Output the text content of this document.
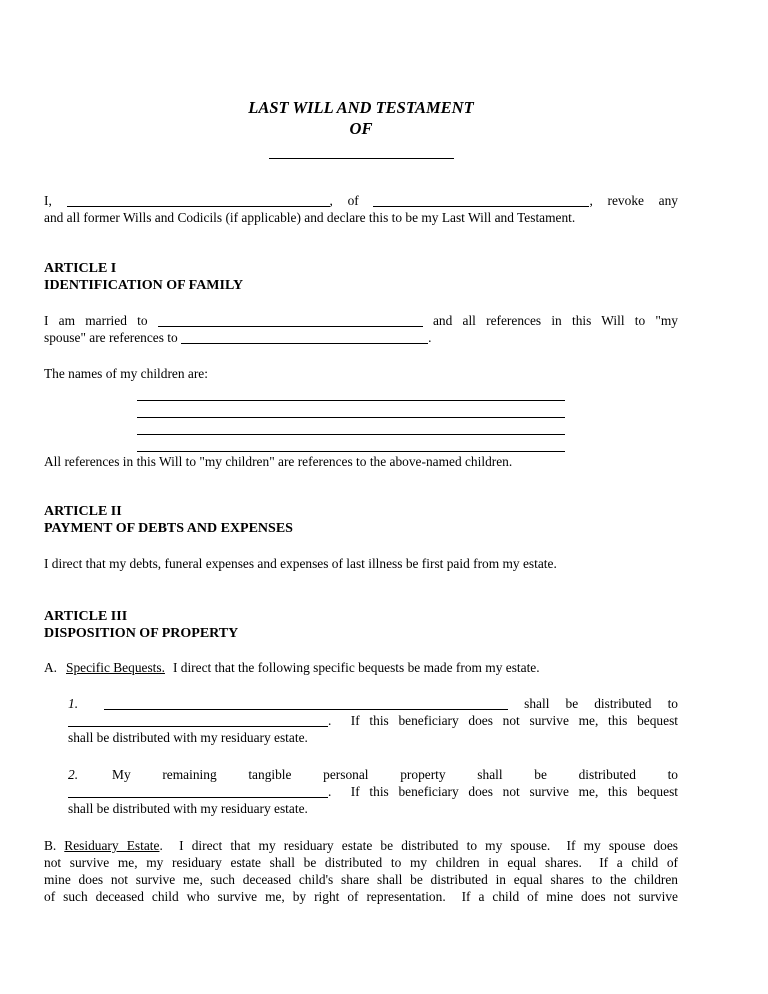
LAST WILL AND TESTAMENT
OF
I,	, of	, revoke any
and all former Wills and Codicils (if applicable) and declare this to be my Last Will and Testament.
ARTICLE I
IDENTIFICATION OF FAMILY
I am married to	and all references in this Will to "my
spouse" are references to	.
The names of my children are:
All references in this Will to "my children" are references to the above-named children.
ARTICLE II
PAYMENT OF DEBTS AND EXPENSES
I direct that my debts, funeral expenses and expenses of last illness be first paid from my estate.
ARTICLE III
DISPOSITION OF PROPERTY
A. Specific Bequests. I direct that the following specific bequests be made from my estate.
1.	shall be distributed to
.  If this beneficiary does not survive me, this bequest
shall be distributed with my residuary estate.
2.	My remaining tangible personal property shall be distributed to
.  If this beneficiary does not survive me, this bequest
shall be distributed with my residuary estate.
B. Residuary Estate.  I direct that my residuary estate be distributed to my spouse.  If my spouse does
not survive me, my residuary estate shall be distributed to my children in equal shares.  If a child of
mine does not survive me, such deceased child's share shall be distributed in equal shares to the children
of such deceased child who survive me, by right of representation.  If a child of mine does not survive
